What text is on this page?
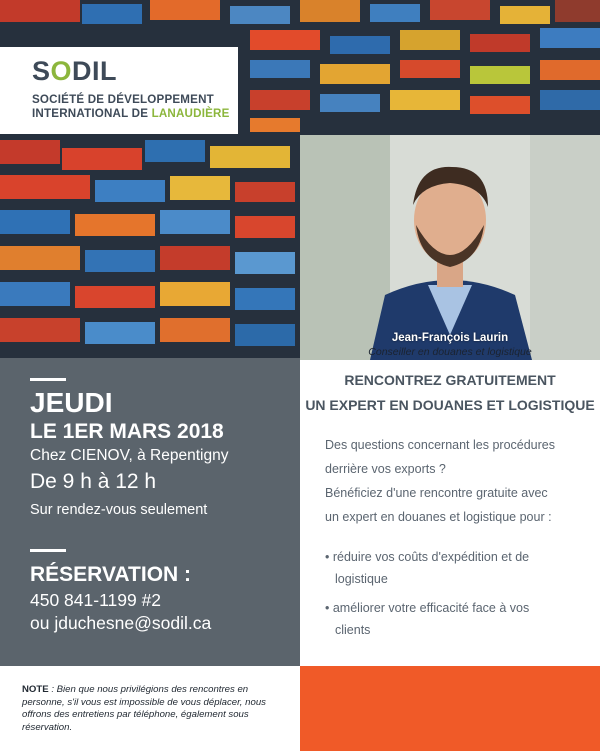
SODIL
SOCIÉTÉ DE DÉVELOPPEMENT
INTERNATIONAL DE LANAUDIÈRE
Jean-François Laurin
Conseiller en douanes et logistique
JEUDI
LE 1ER MARS 2018
Chez CIENOV, à Repentigny
De 9 h à 12 h
Sur rendez-vous seulement
RÉSERVATION :
450 841-1199 #2
ou jduchesne@sodil.ca
RENCONTREZ GRATUITEMENT
UN EXPERT EN DOUANES ET LOGISTIQUE
Des questions concernant les procédures
derrière vos exports ?
Bénéficiez d'une rencontre gratuite avec
un expert en douanes et logistique pour :
• réduire vos coûts d'expédition et de
logistique
• améliorer votre efficacité face à vos
clients
NOTE : Bien que nous privilégions des rencontres en personne, s'il vous est impossible de vous déplacer, nous offrons des entretiens par téléphone, également sous réservation.
